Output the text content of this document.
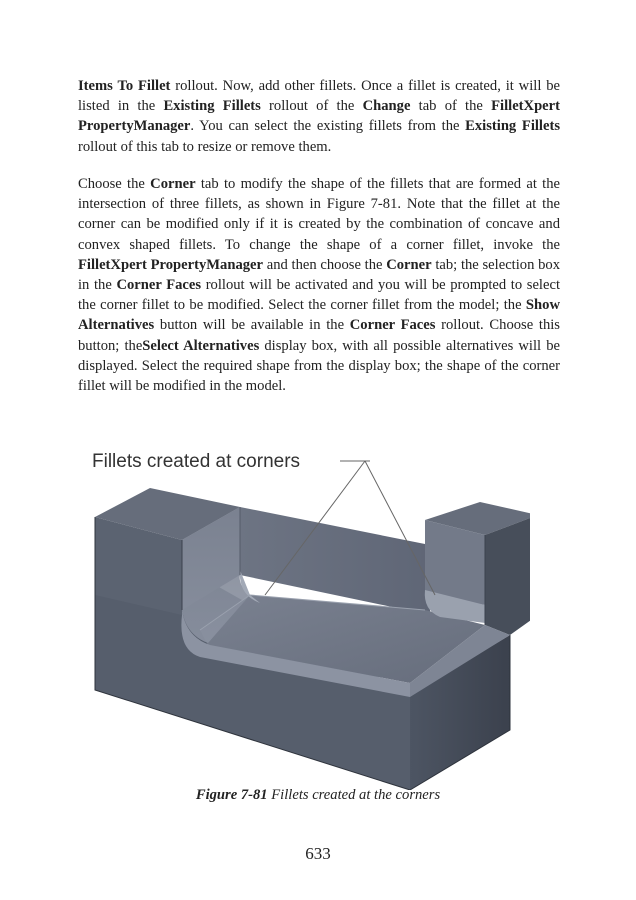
Items To Fillet rollout. Now, add other fillets. Once a fillet is created, it will be listed in the Existing Fillets rollout of the Change tab of the FilletXpert PropertyManager. You can select the existing fillets from the Existing Fillets rollout of this tab to resize or remove them.
Choose the Corner tab to modify the shape of the fillets that are formed at the intersection of three fillets, as shown in Figure 7-81. Note that the fillet at the corner can be modified only if it is created by the combination of concave and convex shaped fillets. To change the shape of a corner fillet, invoke the FilletXpert PropertyManager and then choose the Corner tab; the selection box in the Corner Faces rollout will be activated and you will be prompted to select the corner fillet to be modified. Select the corner fillet from the model; the Show Alternatives button will be available in the Corner Faces rollout. Choose this button; theSelect Alternatives display box, with all possible alternatives will be displayed. Select the required shape from the display box; the shape of the corner fillet will be modified in the model.
Fillets created at corners
Figure 7-81 Fillets created at the corners
633
